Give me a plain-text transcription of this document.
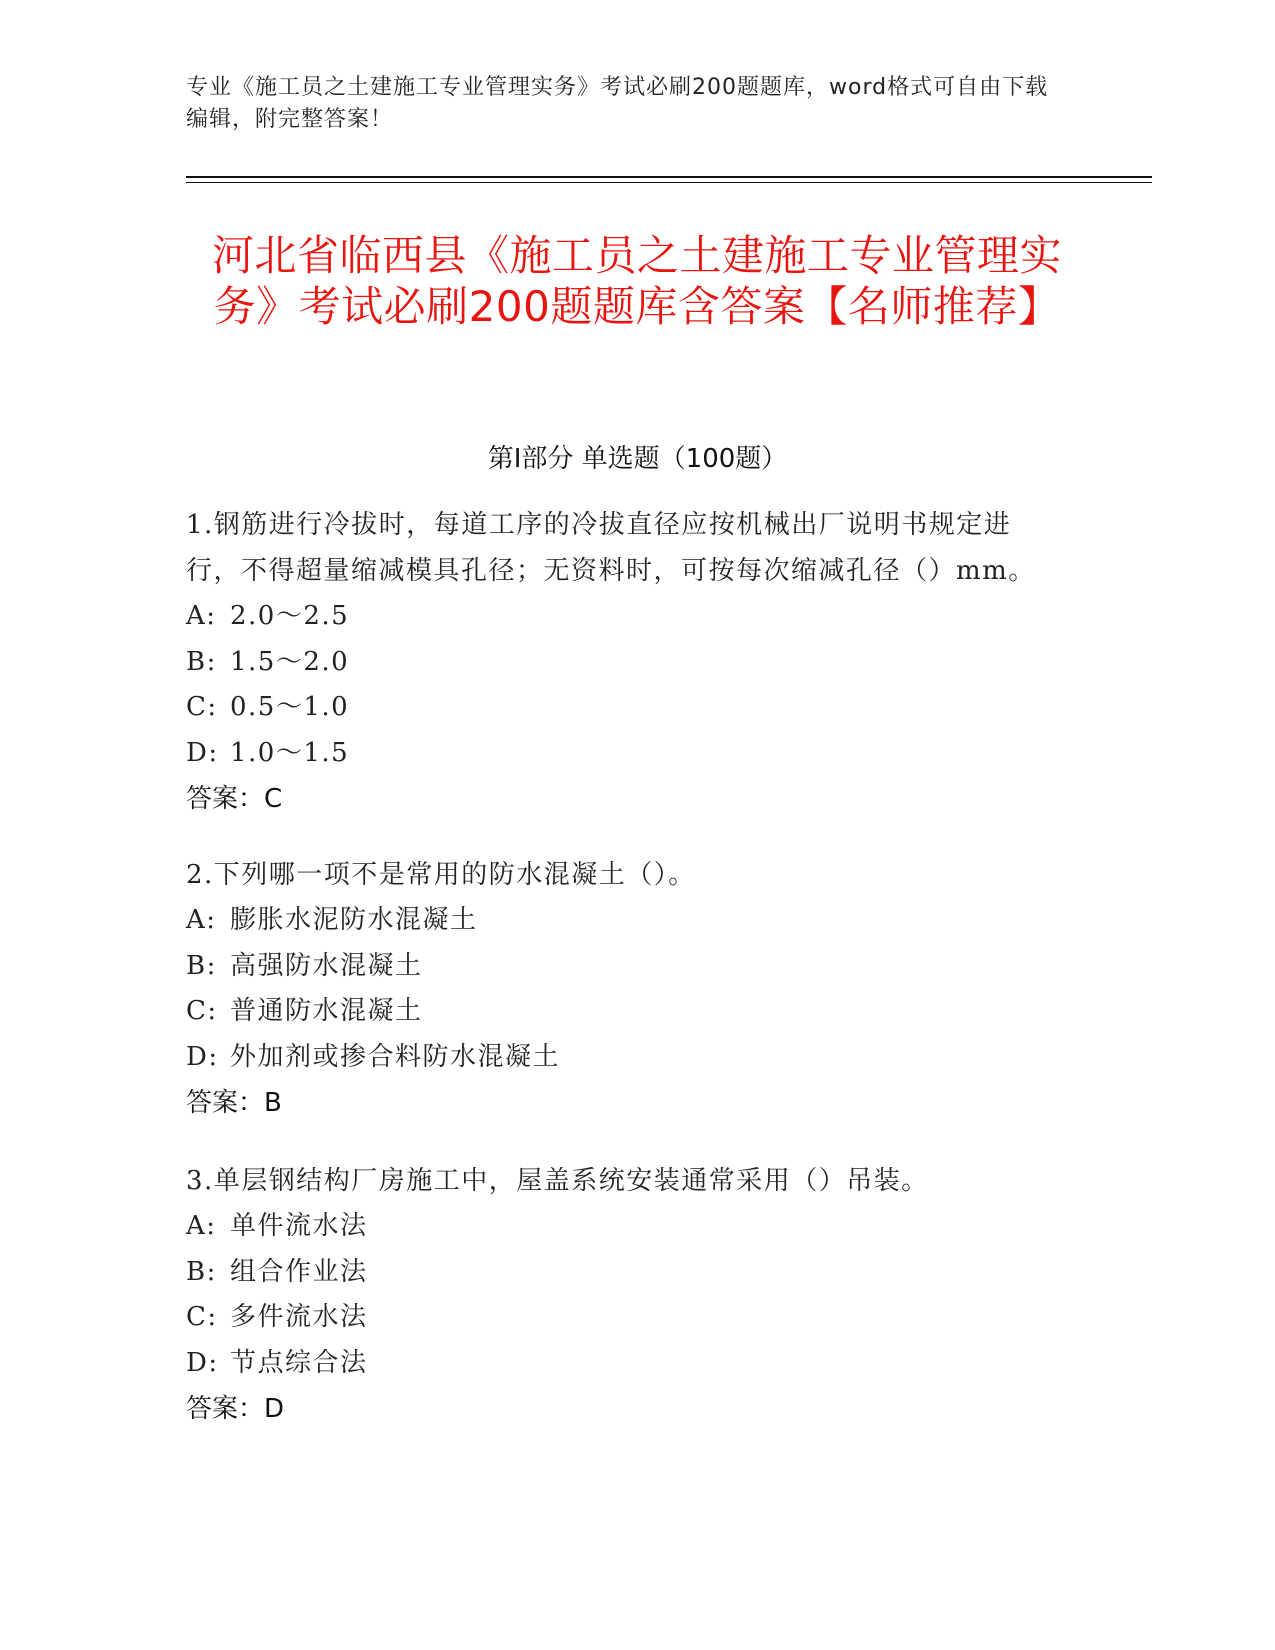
专业《施工员之土建施工专业管理实务》考试必刷200题题库，word格式可自由下载编辑，附完整答案！
河北省临西县《施工员之土建施工专业管理实务》考试必刷200题题库含答案【名师推荐】
第Ⅰ部分 单选题（100题）

1.钢筋进行冷拔时，每道工序的冷拔直径应按机械出厂说明书规定进行，不得超量缩减模具孔径；无资料时，可按每次缩减孔径（）mm。

A: 2.0～2.5

B: 1.5～2.0

C: 0.5～1.0

D: 1.0～1.5

答案：C

2.下列哪一项不是常用的防水混凝土（）。

A: 膨胀水泥防水混凝土

B: 高强防水混凝土

C: 普通防水混凝土

D: 外加剂或掺合料防水混凝土

答案：B

3.单层钢结构厂房施工中，屋盖系统安装通常采用（）吊装。

A: 单件流水法

B: 组合作业法

C: 多件流水法

D: 节点综合法

答案：D
